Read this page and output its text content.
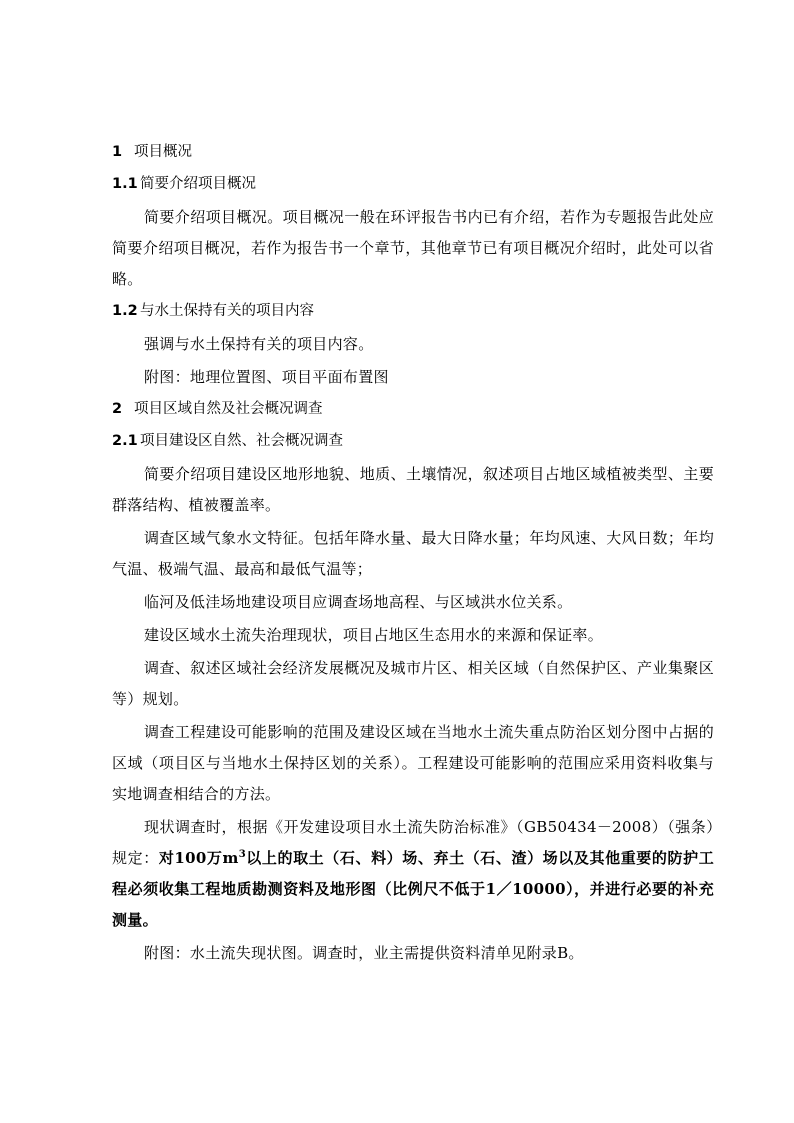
1 项目概况
1.1 简要介绍项目概况

简要介绍项目概况。项目概况一般在环评报告书内已有介绍，若作为专题报告此处应简要介绍项目概况，若作为报告书一个章节，其他章节已有项目概况介绍时，此处可以省略。

1.2 与水土保持有关的项目内容

强调与水土保持有关的项目内容。

附图：地理位置图、项目平面布置图

2 项目区域自然及社会概况调查
2.1 项目建设区自然、社会概况调查

简要介绍项目建设区地形地貌、地质、土壤情况，叙述项目占地区域植被类型、主要群落结构、植被覆盖率。

调查区域气象水文特征。包括年降水量、最大日降水量；年均风速、大风日数；年均气温、极端气温、最高和最低气温等；

临河及低洼场地建设项目应调查场地高程、与区域洪水位关系。

建设区域水土流失治理现状，项目占地区生态用水的来源和保证率。

调查、叙述区域社会经济发展概况及城市片区、相关区域（自然保护区、产业集聚区等）规划。

调查工程建设可能影响的范围及建设区域在当地水土流失重点防治区划分图中占据的区域（项目区与当地水土保持区划的关系）。工程建设可能影响的范围应采用资料收集与实地调查相结合的方法。

现状调查时，根据《开发建设项目水土流失防治标准》（GB50434－2008）（强条）规定：对100万$m^3$以上的取土（石、料）场、弃土（石、渣）场以及其他重要的防护工程必须收集工程地质勘测资料及地形图（比例尺不低于1／10000），并进行必要的补充测量。

附图：水土流失现状图。调查时，业主需提供资料清单见附录B。
